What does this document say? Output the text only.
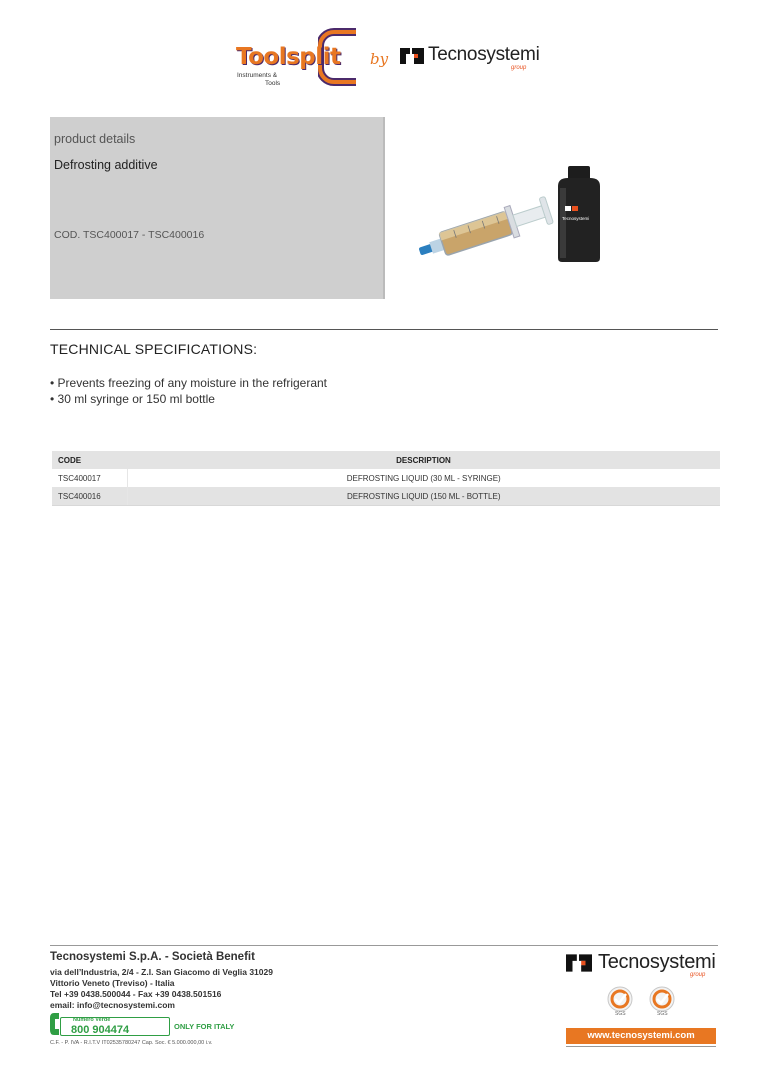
Toolsplit
Instruments &
Tools
by Tecnosystemi
group
product details
Defrosting additive
COD. TSC400017 - TSC400016
Tecnosystemi
TECHNICAL SPECIFICATIONS:
• Prevents freezing of any moisture in the refrigerant
• 30 ml syringe or 150 ml bottle
CODE	DESCRIPTION
TSC400017	DEFROSTING LIQUID (30 ML - SYRINGE)
TSC400016	DEFROSTING LIQUID (150 ML - BOTTLE)
Tecnosystemi S.p.A. - Società Benefit
via dell’Industria, 2/4 - Z.I. San Giacomo di Veglia 31029
Vittorio Veneto (Treviso) - Italia
Tel +39 0438.500044 - Fax +39 0438.501516
email: info@tecnosystemi.com
Numero Verde
800 904474	ONLY FOR ITALY
C.F. - P. IVA - R.I.T.V IT02535780247 Cap. Soc. € 5.000.000,00 i.v.
Tecnosystemi
group
SGS	SGS
www.tecnosystemi.com
